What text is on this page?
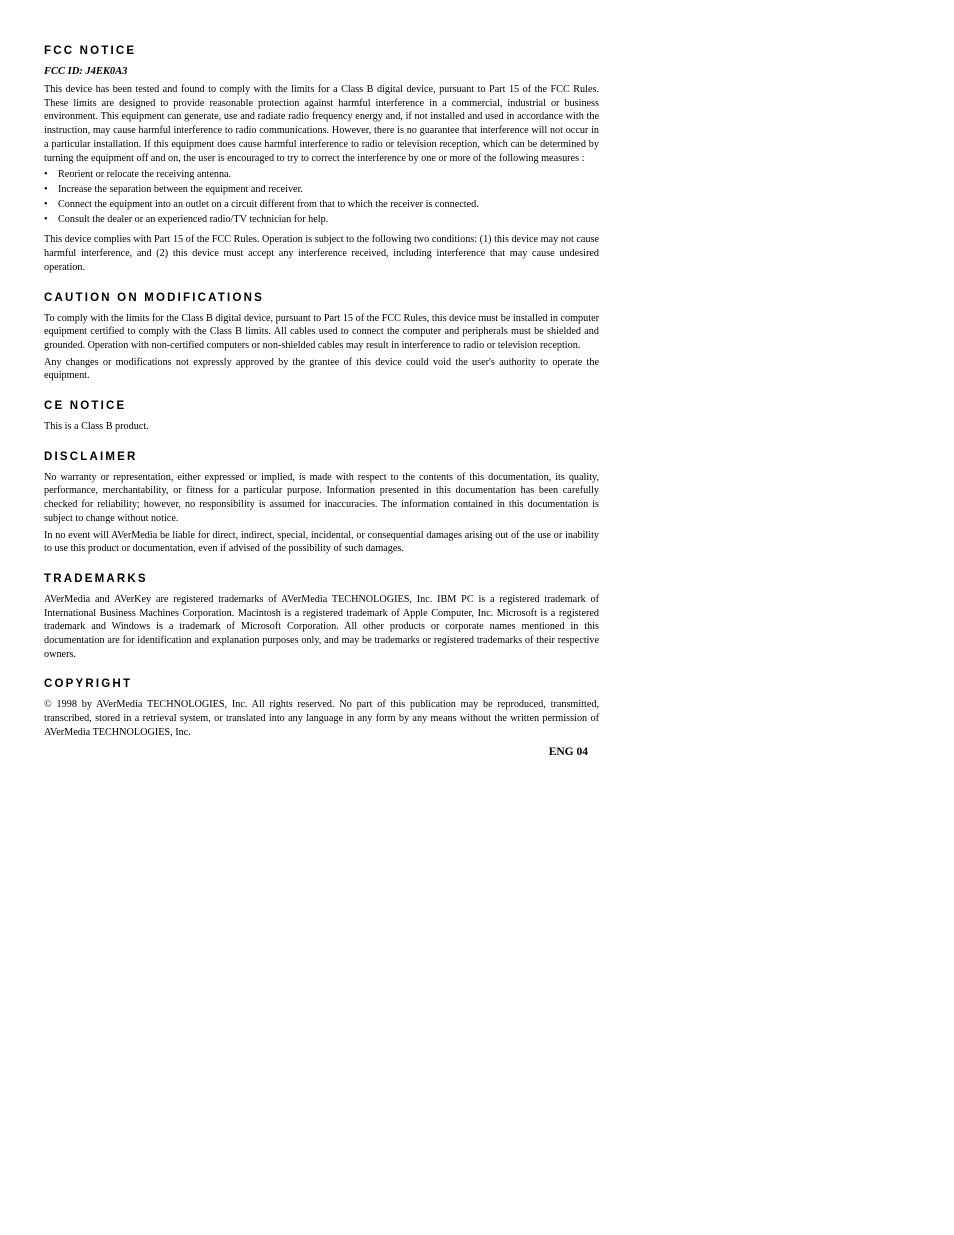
FCC NOTICE
FCC ID: J4EK0A3

This device has been tested and found to comply with the limits for a Class B digital device, pursuant to Part 15 of the FCC Rules. These limits are designed to provide reasonable protection against harmful interference in a commercial, industrial or business environment. This equipment can generate, use and radiate radio frequency energy and, if not installed and used in accordance with the instruction, may cause harmful interference to radio communications. However, there is no guarantee that interference will not occur in a particular installation. If this equipment does cause harmful interference to radio or television reception, which can be determined by turning the equipment off and on, the user is encouraged to try to correct the interference by one or more of the following measures :

• Reorient or relocate the receiving antenna.
• Increase the separation between the equipment and receiver.
• Connect the equipment into an outlet on a circuit different from that to which the receiver is connected.
• Consult the dealer or an experienced radio/TV technician for help.

This device complies with Part 15 of the FCC Rules. Operation is subject to the following two conditions: (1) this device may not cause harmful interference, and (2) this device must accept any interference received, including interference that may cause undesired operation.

CAUTION ON MODIFICATIONS

To comply with the limits for the Class B digital device, pursuant to Part 15 of the FCC Rules, this device must be installed in computer equipment certified to comply with the Class B limits. All cables used to connect the computer and peripherals must be shielded and grounded. Operation with non-certified computers or non-shielded cables may result in interference to radio or television reception.

Any changes or modifications not expressly approved by the grantee of this device could void the user's authority to operate the equipment.

CE NOTICE

This is a Class B product.

DISCLAIMER

No warranty or representation, either expressed or implied, is made with respect to the contents of this documentation, its quality, performance, merchantability, or fitness for a particular purpose. Information presented in this documentation has been carefully checked for reliability; however, no responsibility is assumed for inaccuracies. The information contained in this documentation is subject to change without notice.

In no event will AVerMedia be liable for direct, indirect, special, incidental, or consequential damages arising out of the use or inability to use this product or documentation, even if advised of the possibility of such damages.

TRADEMARKS

AVerMedia and AVerKey are registered trademarks of AVerMedia TECHNOLOGIES, Inc. IBM PC is a registered trademark of International Business Machines Corporation. Macintosh is a registered trademark of Apple Computer, Inc. Microsoft is a registered trademark and Windows is a trademark of Microsoft Corporation. All other products or corporate names mentioned in this documentation are for identification and explanation purposes only, and may be trademarks or registered trademarks of their respective owners.

COPYRIGHT

© 1998 by AVerMedia TECHNOLOGIES, Inc. All rights reserved. No part of this publication may be reproduced, transmitted, transcribed, stored in a retrieval system, or translated into any language in any form by any means without the written permission of AVerMedia TECHNOLOGIES, Inc.

ENG 04
